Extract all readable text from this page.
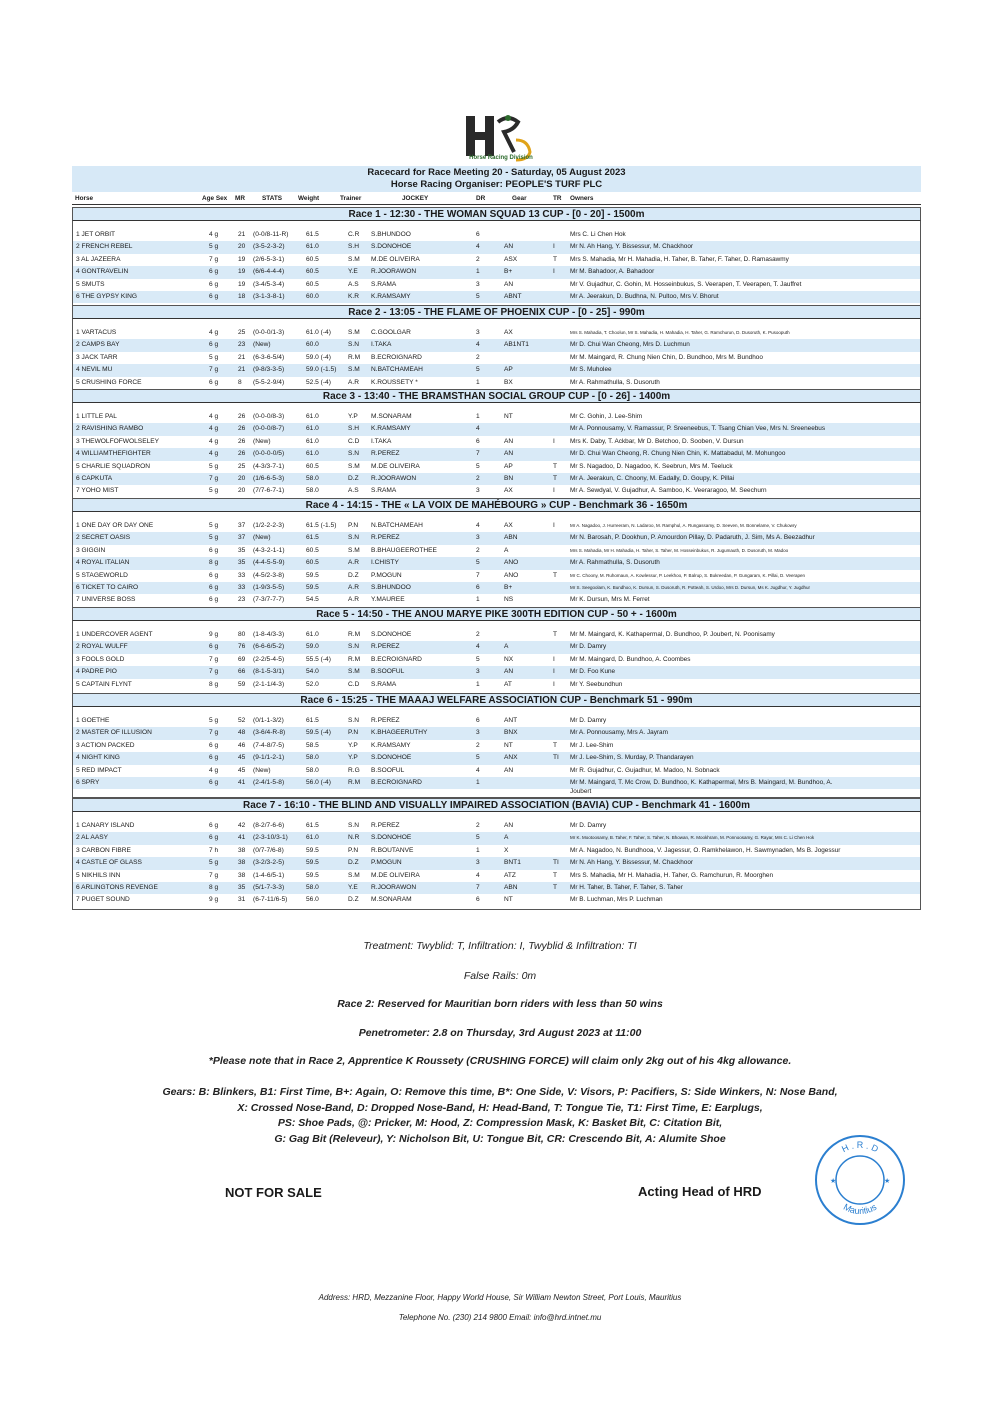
Horse Racing Division
Racecard for Race Meeting 20 - Saturday, 05 August 2023
Horse Racing Organiser: PEOPLE'S TURF PLC
Horse	Age Sex MR	STATS	Weight	Trainer	JOCKEY	DR	Gear	TR Owners
Race 1 - 12:30 - THE WOMAN SQUAD 13 CUP - [0 - 20] - 1500m
1 JET ORBIT	4 g	21 (0-0/8-11-R)	61.5	C.R S.BHUNDOO	6	Mrs C. Li Chen Hok
2 FRENCH REBEL	5 g	20 (3-5-2-3-2)	61.0	S.H S.DONOHOE	4	AN	I Mr N. Ah Hang, Y. Bissessur, M. Chackhoor
3 AL JAZEERA	7 g	19 (2/6-5-3-1)	60.5	S.M M.DE OLIVEIRA	2	ASX	T Mrs S. Mahadia, Mr H. Mahadia, H. Taher, B. Taher, F. Taher, D. Ramasawmy
4 GONTRAVELIN	6 g	19 (6/6-4-4-4)	60.5	Y.E R.JOORAWON	1	B+	I Mr M. Bahadoor, A. Bahadoor
5 SMUTS	6 g	19 (3-4/5-3-4)	60.5	A.S S.RAMA	3	AN	Mr V. Gujadhur, C. Gohin, M. Hosseinbukus, S. Veerapen, T. Veerapen, T. Jauffret
6 THE GYPSY KING	6 g	18 (3-1-3-8-1)	60.0	K.R K.RAMSAMY	5	ABNT	Mr A. Jeerakun, D. Budhna, N. Pultoo, Mrs V. Bhorut
Race 2 - 13:05 - THE FLAME OF PHOENIX CUP - [0 - 25] - 990m
1 VARTACUS	4 g	25 (0-0-0/1-3)	61.0 (-4)	S.M C.GOOLGAR	3	AX	Mrs S. Mahadia, T. Choolun, Mr S. Mahadia, H. Mahadia, H. Taher, G. Ramchurun, D. Dusoruth, K. Pusooputh
2 CAMPS BAY	6 g	23 (New)	60.0	S.N I.TAKA	4	AB1NT1	Mr D. Chui Wan Cheong, Mrs D. Luchmun
3 JACK TARR	5 g	21 (6-3-6-5/4)	59.0 (-4)	R.M B.ECROIGNARD	2	Mr M. Maingard, R. Chung Nien Chin, D. Bundhoo, Mrs M. Bundhoo
4 NEVIL MU	7 g	21 (9-8/3-3-5)	59.0 (-1.5) S.M N.BATCHAMEAH	5	AP	Mr S. Muholee
5 CRUSHING FORCE	6 g	8 (5-5-2-9/4)	52.5 (-4)	A.R K.ROUSSETY *	1	BX	Mr A. Rahmathulla, S. Dusoruth
Race 3 - 13:40 - THE BRAMSTHAN SOCIAL GROUP CUP - [0 - 26] - 1400m
1 LITTLE PAL	4 g	26 (0-0-0/8-3)	61.0	Y.P M.SONARAM	1	NT	Mr C. Gohin, J. Lee-Shim
2 RAVISHING RAMBO	4 g	26 (0-0-0/8-7)	61.0	S.H K.RAMSAMY	4	Mr A. Ponnousamy, V. Ramassur, P. Sreeneebus, T. Tsang Chian Vee, Mrs N. Sreeneebus
3 THEWOLFOFWOLSELEY	4 g	26 (New)	61.0	C.D I.TAKA	6	AN	I Mrs K. Daby, T. Ackbar, Mr D. Betchoo, D. Sooben, V. Dursun
4 WILLIAMTHEFIGHTER	4 g	26 (0-0-0-0/5)	61.0	S.N R.PEREZ	7	AN	Mr D. Chui Wan Cheong, R. Chung Nien Chin, K. Mattabadul, M. Mohungoo
5 CHARLIE SQUADRON	5 g	25 (4-3/3-7-1)	60.5	S.M M.DE OLIVEIRA	5	AP	T Mr S. Nagadoo, D. Nagadoo, K. Seebrun, Mrs M. Teeluck
6 CAPKUTA	7 g	20 (1/6-6-5-3)	58.0	D.Z R.JOORAWON	2	BN	T Mr A. Jeerakun, C. Choony, M. Eadally, D. Goupy, K. Pillai
7 YOHO MIST	5 g	20 (7/7-6-7-1)	58.0	A.S S.RAMA	3	AX	I Mr A. Sewdyal, V. Gujadhur, A. Samboo, K. Veeraragoo, M. Seechurn
Race 4 - 14:15 - THE « LA VOIX DE MAHÉBOURG » CUP - Benchmark 36 - 1650m
1 ONE DAY OR DAY ONE	5 g	37 (1/2-2-2-3)	61.5 (-1.5) P.N N.BATCHAMEAH	4	AX	I	Mr A. Nagadoo, J. Hurreeram, N. Ladaroo, M. Ramphul, A. Rungassamy, D. Seeven, M. Bonnelame, V. Chukowry
2 SECRET OASIS	5 g	37 (New)	61.5	S.N R.PEREZ	3	ABN	Mr N. Barosah, P. Dookhun, P. Amourdon Pillay, D. Padaruth, J. Sim, Ms A. Beezadhur
3 GIGGIN	6 g	35 (4-3-2-1-1)	60.5	S.M B.BHAUGEEROTHEE	2	A	Mrs S. Mahadia, Mr H. Mahadia, H. Taher, S. Taher, M. Hosseinbukus, R. Jugumauth, D. Dusoruth, M. Madoo
4 ROYAL ITALIAN	8 g	35 (4-4-5-5-9)	60.5	A.R I.CHISTY	5	ANO	Mr A. Rahmathulla, S. Dusoruth
5 STAGEWORLD	6 g	33 (4-5/2-3-8)	59.5	D.Z P.MOGUN	7	ANO	T	Mr C. Choony, M. Ruhomaun, A. Kowlessur, P. Leekhoo, P. Balrup, S. Bukreedan, P. Gungaram, K. Pillai, D. Veerapen
6 TICKET TO CAIRO	6 g	33 (1-9/3-5-5)	59.5	A.R S.BHUNDOO	6	B+	Mr S. Seegoolam, K. Bundhoo, K. Dursun, S. Dusoruth, R. Potteah, S. Urdoo, Mrs D. Dursun, Ms K. Jugdhur, Y. Jugdhur
7 UNIVERSE BOSS	6 g	23 (7-3/7-7-7)	54.5	A.R Y.MAUREE	1	NS	Mr K. Dursun, Mrs M. Ferret
Race 5 - 14:50 - THE ANOU MARYE PIKE 300TH EDITION CUP - 50 + - 1600m
1 UNDERCOVER AGENT	9 g	80 (1-8-4/3-3)	61.0	R.M S.DONOHOE	2	T Mr M. Maingard, K. Kathapermal, D. Bundhoo, P. Joubert, N. Poonisamy
2 ROYAL WULFF	6 g	76 (6-6-6/5-2)	59.0	S.N R.PEREZ	4	A	Mr D. Damry
3 FOOLS GOLD	7 g	69 (2-2/5-4-5)	55.5 (-4)	R.M B.ECROIGNARD	5	NX	I Mr M. Maingard, D. Bundhoo, A. Coombes
4 PADRE PIO	7 g	66 (8-1-5-3/1)	54.0	S.M B.SOOFUL	3	AN	I Mr D. Foo Kune
5 CAPTAIN FLYNT	8 g	59 (2-1-1/4-3)	52.0	C.D S.RAMA	1	AT	I Mr Y. Seebundhun
Race 6 - 15:25 - THE MAAAJ WELFARE ASSOCIATION CUP - Benchmark 51 - 990m
1 GOETHE	5 g	52 (0/1-1-3/2)	61.5	S.N R.PEREZ	6	ANT	Mr D. Damry
2 MASTER OF ILLUSION	7 g	48 (3-6/4-R-8)	59.5 (-4)	P.N K.BHAGEERUTHY	3	BNX	Mr A. Ponnousamy, Mrs A. Jayram
3 ACTION PACKED	6 g	46 (7-4-8/7-5)	58.5	Y.P K.RAMSAMY	2	NT	T Mr J. Lee-Shim
4 NIGHT KING	6 g	45 (9-1/1-2-1)	58.0	Y.P S.DONOHOE	5	ANX	TI Mr J. Lee-Shim, S. Murday, P. Thandarayen
5 RED IMPACT	4 g	45 (New)	58.0	R.G B.SOOFUL	4	AN	Mr R. Gujadhur, C. Gujadhur, M. Madoo, N. Sobnack
6 SPRY	6 g	41 (2-4/1-5-8)	56.0 (-4)	R.M B.ECROIGNARD	1	Mr M. Maingard, T. Mc Crow, D. Bundhoo, K. Kathapermal, Mrs B. Maingard, M. Bundhoo, A.
Joubert
Race 7 - 16:10 - THE BLIND AND VISUALLY IMPAIRED ASSOCIATION (BAVIA) CUP - Benchmark 41 - 1600m
1 CANARY ISLAND	6 g	42 (8-2/7-6-6)	61.5	S.N R.PEREZ	2	AN	Mr D. Damry
2 AL AASY	6 g	41 (2-3-10/3-1)	61.0	N.R S.DONOHOE	5	A	Mr K. Mootoosamy, B. Taher, F. Taher, S. Taher, N. Bhowan, R. Mookhram, M. Ponnoosamy, G. Rayar, Mrs C. Li Chen Hok
3 CARBON FIBRE	7 h	38 (0/7-7/6-8)	59.5	P.N R.BOUTANVE	1	X	Mr A. Nagadoo, N. Bundhooa, V. Jagessur, O. Ramkhelawon, H. Sawmynaden, Ms B. Jogessur
4 CASTLE OF GLASS	5 g	38 (3-2/3-2-5)	59.5	D.Z P.MOGUN	3	BNT1	TI Mr N. Ah Hang, Y. Bissessur, M. Chackhoor
5 NIKHILS INN	7 g	38 (1-4-6/5-1)	59.5	S.M M.DE OLIVEIRA	4	ATZ	T Mrs S. Mahadia, Mr H. Mahadia, H. Taher, G. Ramchurun, R. Moorghen
6 ARLINGTONS REVENGE	8 g	35 (5/1-7-3-3)	58.0	Y.E R.JOORAWON	7	ABN	T Mr H. Taher, B. Taher, F. Taher, S. Taher
7 PUGET SOUND	9 g	31 (6-7-11/6-5)	56.0	D.Z M.SONARAM	6	NT	Mr B. Luchman, Mrs P. Luchman
Treatment: Twyblid: T, Infiltration: I, Twyblid & Infiltration: TI
False Rails: 0m
Race 2: Reserved for Mauritian born riders with less than 50 wins
Penetrometer: 2.8 on Thursday, 3rd August 2023 at 11:00
*Please note that in Race 2, Apprentice K Roussety (CRUSHING FORCE) will claim only 2kg out of his 4kg allowance.
Gears: B: Blinkers, B1: First Time, B+: Again, O: Remove this time, B*: One Side, V: Visors, P: Pacifiers, S: Side Winkers, N: Nose Band,
X: Crossed Nose-Band, D: Dropped Nose-Band, H: Head-Band, T: Tongue Tie, T1: First Time, E: Earplugs,
PS: Shoe Pads, @: Pricker, M: Hood, Z: Compression Mask, K: Basket Bit, C: Citation Bit,
G: Gag Bit (Releveur), Y: Nicholson Bit, U: Tongue Bit, CR: Crescendo Bit, A: Alumite Shoe
NOT FOR SALE	Acting Head of HRD
H . R . D
Mauritius
★	★
Address: HRD, Mezzanine Floor, Happy World House, Sir William Newton Street, Port Louis, Mauritius
Telephone No. (230) 214 9800 Email: info@hrd.intnet.mu
